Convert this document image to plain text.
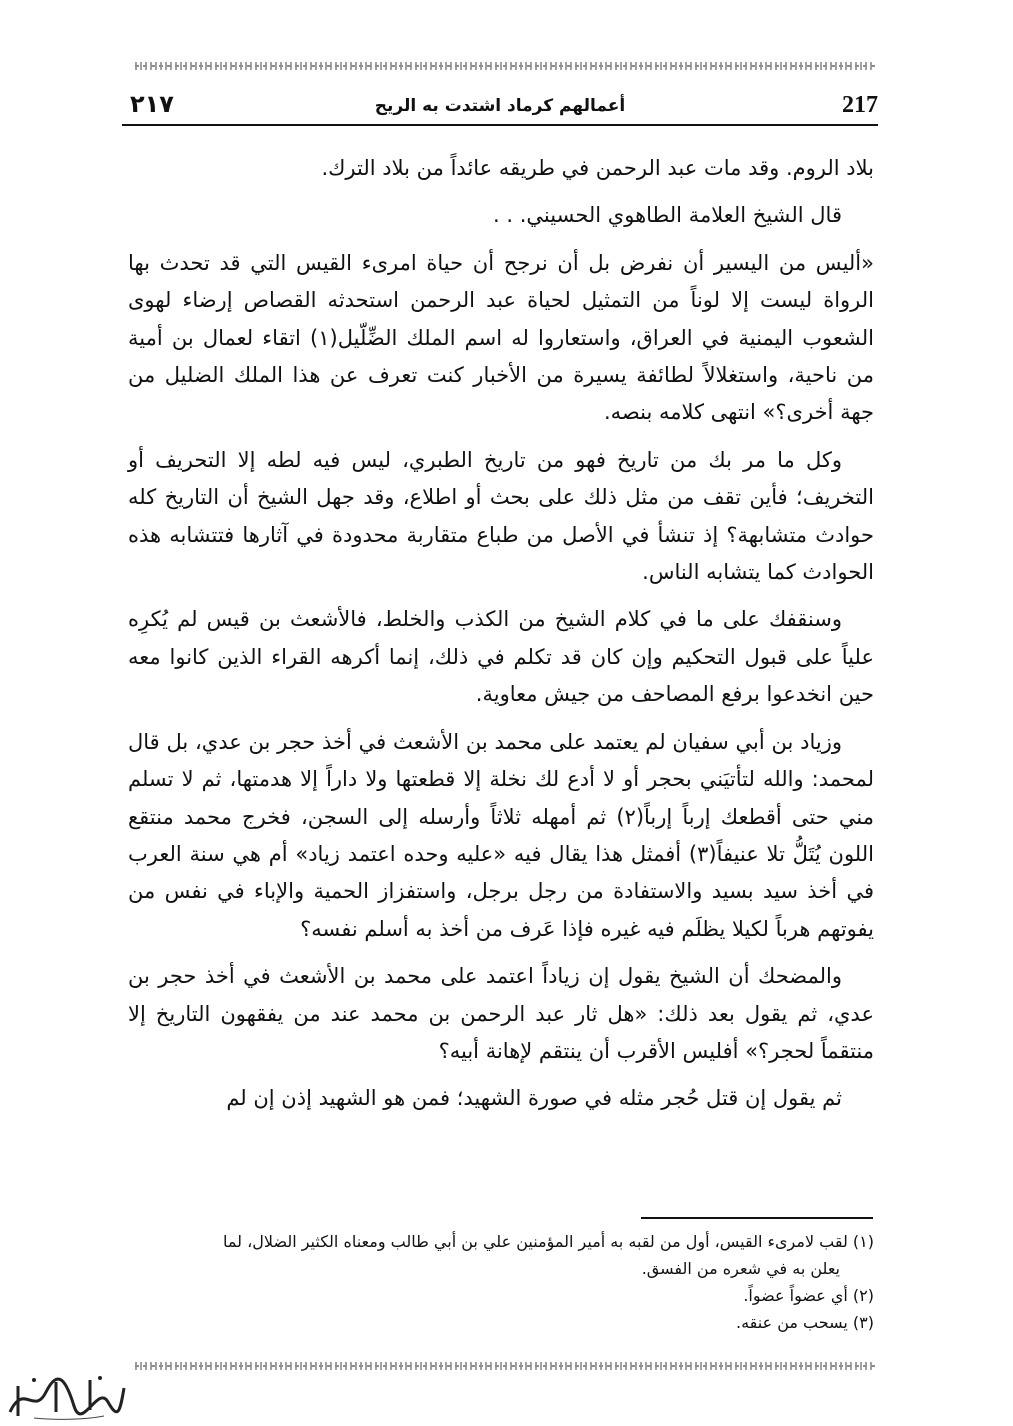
٢١٧	أعمالهم كرماد اشتدت به الريح	217

بلاد الروم. وقد مات عبد الرحمن في طريقه عائداً من بلاد الترك.

قال الشيخ العلامة الطاهوي الحسيني. . .

«أليس من اليسير أن نفرض بل أن نرجح أن حياة امرىء القيس التي قد تحدث بها الرواة ليست إلا لوناً من التمثيل لحياة عبد الرحمن استحدثه القصاص إرضاء لهوى الشعوب اليمنية في العراق، واستعاروا له اسم الملك الضِّلّيل(١) اتقاء لعمال بن أمية من ناحية، واستغلالاً لطائفة يسيرة من الأخبار كنت تعرف عن هذا الملك الضليل من جهة أخرى؟» انتهى كلامه بنصه.

وكل ما مر بك من تاريخ فهو من تاريخ الطبري، ليس فيه لطه إلا التحريف أو التخريف؛ فأين تقف من مثل ذلك على بحث أو اطلاع، وقد جهل الشيخ أن التاريخ كله حوادث متشابهة؟ إذ تنشأ في الأصل من طباع متقاربة محدودة في آثارها فتتشابه هذه الحوادث كما يتشابه الناس.

وسنقفك على ما في كلام الشيخ من الكذب والخلط، فالأشعث بن قيس لم يُكرِه علياً على قبول التحكيم وإن كان قد تكلم في ذلك، إنما أكرهه القراء الذين كانوا معه حين انخدعوا برفع المصاحف من جيش معاوية.

وزياد بن أبي سفيان لم يعتمد على محمد بن الأشعث في أخذ حجر بن عدي، بل قال لمحمد: والله لتأتيَني بحجر أو لا أدع لك نخلة إلا قطعتها ولا داراً إلا هدمتها، ثم لا تسلم مني حتى أقطعك إرباً إرباً(٢) ثم أمهله ثلاثاً وأرسله إلى السجن، فخرج محمد منتقع اللون يُتَلُّ تلا عنيفاً(٣) أفمثل هذا يقال فيه «عليه وحده اعتمد زياد» أم هي سنة العرب في أخذ سيد بسيد والاستفادة من رجل برجل، واستفزاز الحمية والإباء في نفس من يفوتهم هرباً لكيلا يظلَم فيه غيره فإذا عَرف من أخذ به أسلم نفسه؟

والمضحك أن الشيخ يقول إن زياداً اعتمد على محمد بن الأشعث في أخذ حجر بن عدي، ثم يقول بعد ذلك: «هل ثار عبد الرحمن بن محمد عند من يفقهون التاريخ إلا منتقماً لحجر؟» أفليس الأقرب أن ينتقم لإهانة أبيه؟

ثم يقول إن قتل حُجر مثله في صورة الشهيد؛ فمن هو الشهيد إذن إن لم

(١) لقب لامرىء القيس، أول من لقبه به أمير المؤمنين علي بن أبي طالب ومعناه الكثير الضلال، لما

يعلن به في شعره من الفسق.

(٢) أي عضواً عضواً.

(٣) يسحب من عنقه.
